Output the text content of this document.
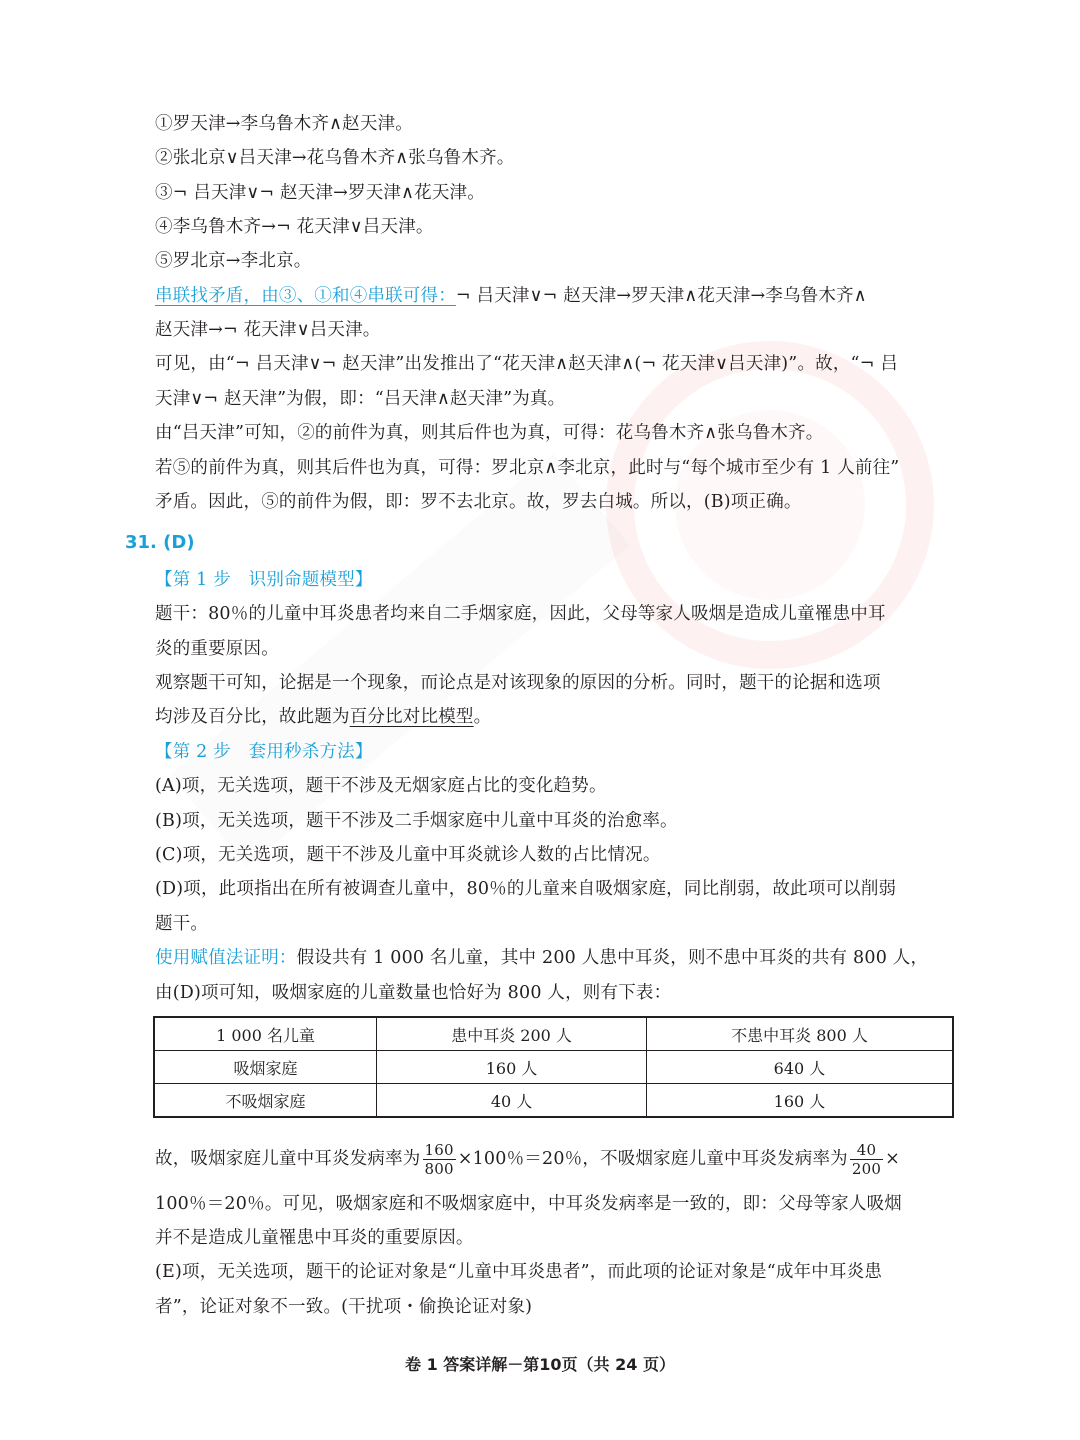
①罗天津→李乌鲁木齐∧赵天津。
②张北京∨吕天津→花乌鲁木齐∧张乌鲁木齐。
③¬ 吕天津∨¬ 赵天津→罗天津∧花天津。
④李乌鲁木齐→¬ 花天津∨吕天津。
⑤罗北京→李北京。
串联找矛盾，由③、①和④串联可得：¬ 吕天津∨¬ 赵天津→罗天津∧花天津→李乌鲁木齐∧
赵天津→¬ 花天津∨吕天津。
可见，由“¬ 吕天津∨¬ 赵天津”出发推出了“花天津∧赵天津∧(¬ 花天津∨吕天津)”。故，“¬ 吕
天津∨¬ 赵天津”为假，即：“吕天津∧赵天津”为真。
由“吕天津”可知，②的前件为真，则其后件也为真，可得：花乌鲁木齐∧张乌鲁木齐。
若⑤的前件为真，则其后件也为真，可得：罗北京∧李北京，此时与“每个城市至少有 1 人前往”
矛盾。因此，⑤的前件为假，即：罗不去北京。故，罗去白城。所以，(B)项正确。
31. (D)
【第 1 步　识别命题模型】
题干：80％的儿童中耳炎患者均来自二手烟家庭，因此，父母等家人吸烟是造成儿童罹患中耳
炎的重要原因。
观察题干可知，论据是一个现象，而论点是对该现象的原因的分析。同时，题干的论据和选项
均涉及百分比，故此题为百分比对比模型。
【第 2 步　套用秒杀方法】
(A)项，无关选项，题干不涉及无烟家庭占比的变化趋势。
(B)项，无关选项，题干不涉及二手烟家庭中儿童中耳炎的治愈率。
(C)项，无关选项，题干不涉及儿童中耳炎就诊人数的占比情况。
(D)项，此项指出在所有被调查儿童中，80％的儿童来自吸烟家庭，同比削弱，故此项可以削弱
题干。
使用赋值法证明：假设共有 1 000 名儿童，其中 200 人患中耳炎，则不患中耳炎的共有 800 人，
由(D)项可知，吸烟家庭的儿童数量也恰好为 800 人，则有下表：
1 000 名儿童	患中耳炎 200 人	不患中耳炎 800 人
吸烟家庭	160 人	640 人
不吸烟家庭	40 人	160 人
故，吸烟家庭儿童中耳炎发病率为 $\frac{160}{800} \times 100$％＝20％，不吸烟家庭儿童中耳炎发病率为 $\frac{40}{200}$ ×
100％＝20％。可见，吸烟家庭和不吸烟家庭中，中耳炎发病率是一致的，即：父母等家人吸烟
并不是造成儿童罹患中耳炎的重要原因。
(E)项，无关选项，题干的论证对象是“儿童中耳炎患者”，而此项的论证对象是“成年中耳炎患
者”，论证对象不一致。(干扰项・偷换论证对象)
卷 1 答案详解－第10页（共 24 页）
